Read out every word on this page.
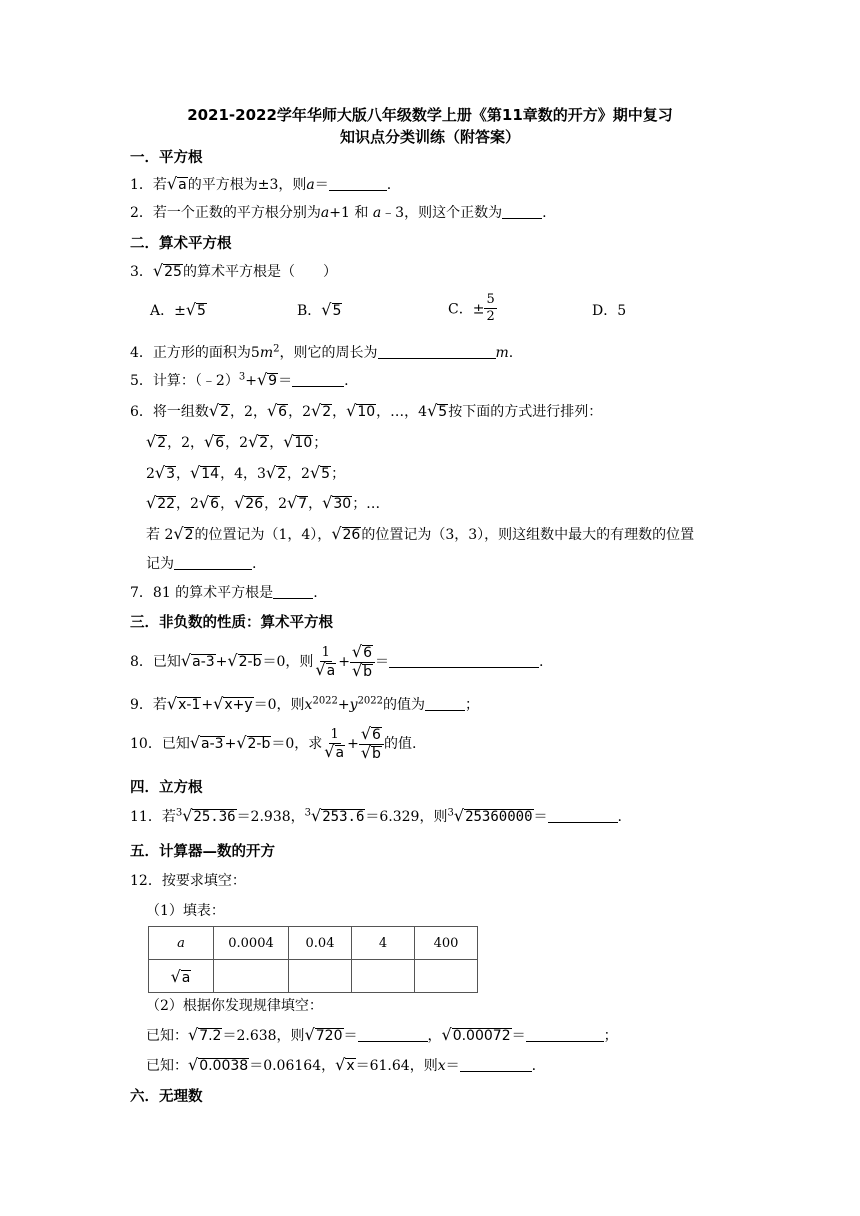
2021-2022学年华师大版八年级数学上册《第11章数的开方》期中复习
知识点分类训练（附答案）
一．平方根
1．若√a的平方根为±3，则a＝	.
2．若一个正数的平方根分别为a+1 和 a﹣3，则这个正数为	.
二．算术平方根
3．√25的算术平方根是（　　）
A．±√5	B．√5	C．± $\frac{5}{2}$	D．5
4．正方形的面积为$5m^2$，则它的周长为	m.
5．计算：（﹣2）$^3$+√9＝	.
6．将一组数√2，2，√6，2√2，√10，…，4√5按下面的方式进行排列：
√2，2，√6，2√2，√10；
2√3，√14，4，3√2，2√5；
√22，2√6，√26，2√7，√30；…
若 2√2的位置记为（1，4），√26的位置记为（3，3），则这组数中最大的有理数的位置
记为	.
7．81 的算术平方根是	.
三．非负数的性质：算术平方根
8．已知√a-3+√2-b＝0，则 $\frac{1}{√a} + \frac{√6}{√b}$ ＝	.
9．若√x-1+√x+y＝0，则$x^{2022}+y^{2022}$的值为	；
10．已知√a-3+√2-b＝0，求 $\frac{1}{√a} + \frac{√6}{√b}$ 的值.
四．立方根
11．若$^3$√25.36＝2.938，$^3$√253.6＝6.329，则$^3$√25360000＝	.
五．计算器—数的开方
12．按要求填空：
（1）填表：
a	0.0004	0.04	4	400
√a				
（2）根据你发现规律填空：
已知：√7.2＝2.638，则√720＝	，√0.00072＝	；
已知：√0.0038＝0.06164，√x＝61.64，则x＝	.
六．无理数
